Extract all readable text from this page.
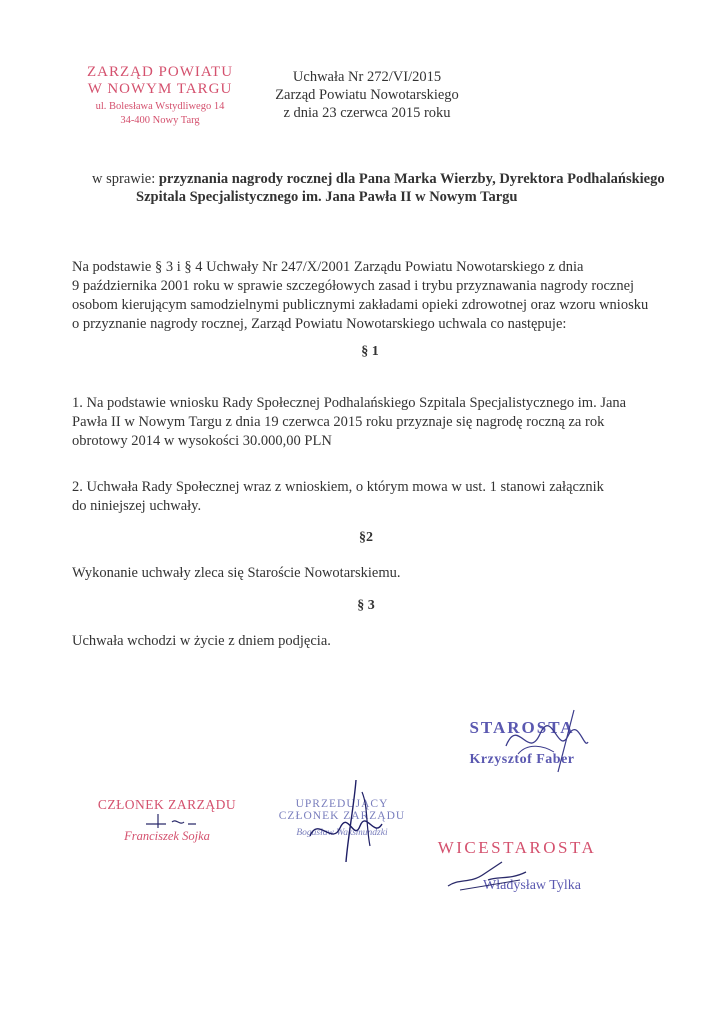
ZARZĄD POWIATU
W NOWYM TARGU
ul. Bolesława Wstydliwego 14
34-400 Nowy Targ
Uchwała Nr 272/VI/2015
Zarząd Powiatu Nowotarskiego
z dnia 23 czerwca 2015 roku
w sprawie: przyznania nagrody rocznej dla Pana Marka Wierzby, Dyrektora Podhalańskiego
Szpitala Specjalistycznego im. Jana Pawła II w Nowym Targu
Na podstawie § 3 i § 4 Uchwały Nr 247/X/2001 Zarządu Powiatu Nowotarskiego z dnia
9 października 2001 roku w sprawie szczegółowych zasad i trybu przyznawania nagrody rocznej
osobom kierującym samodzielnymi publicznymi zakładami opieki zdrowotnej oraz wzoru wniosku
o przyznanie nagrody rocznej, Zarząd Powiatu Nowotarskiego uchwala co następuje:
§ 1
1. Na podstawie wniosku Rady Społecznej Podhalańskiego Szpitala Specjalistycznego im. Jana
Pawła II w Nowym Targu z dnia 19 czerwca 2015 roku przyznaje się nagrodę roczną za rok
obrotowy 2014 w wysokości 30.000,00 PLN
2. Uchwała Rady Społecznej wraz z wnioskiem, o którym mowa w ust. 1 stanowi załącznik
do niniejszej uchwały.
§2
Wykonanie uchwały zleca się Staroście Nowotarskiemu.
§ 3
Uchwała wchodzi w życie z dniem podjęcia.
STAROSTA
Krzysztof Faber
CZŁONEK ZARZĄDU
Franciszek Sojka
UPRZEDUJĄCY
CZŁONEK ZARZĄDU
Bogusław Waksmundzki
WICESTAROSTA
Władysław Tylka
